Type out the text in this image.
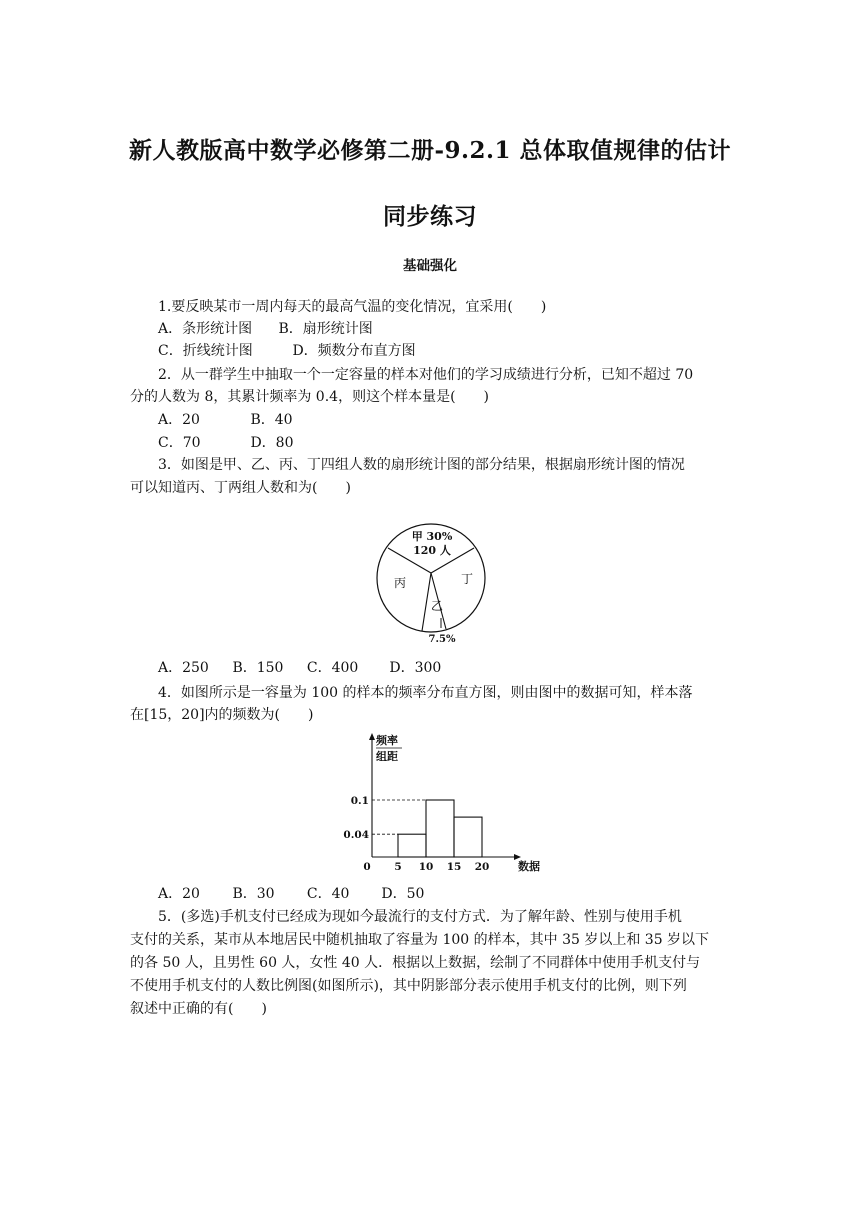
新人教版高中数学必修第二册-9.2.1 总体取值规律的估计
同步练习
基础强化
1.要反映某市一周内每天的最高气温的变化情况，宜采用(　　)
A．条形统计图 B．扇形统计图
C．折线统计图	D．频数分布直方图
2．从一群学生中抽取一个一定容量的样本对他们的学习成绩进行分析，已知不超过 70
分的人数为 8，其累计频率为 0.4，则这个样本量是(　　)
A．20	B．40
C．70	D．80
3．如图是甲、乙、丙、丁四组人数的扇形统计图的部分结果，根据扇形统计图的情况
可以知道丙、丁两组人数和为(　　)
甲 30%
120 人
丙	丁
乙
7.5%
A．250 B．150 C．400 D．300
4．如图所示是一容量为 100 的样本的频率分布直方图，则由图中的数据可知，样本落
在[15，20]内的频数为(　　)
频率
组距
数据
0.04
0.1
0 5 10 15 20
A．20 B．30 C．40 D．50
5．(多选)手机支付已经成为现如今最流行的支付方式．为了解年龄、性别与使用手机
支付的关系，某市从本地居民中随机抽取了容量为 100 的样本，其中 35 岁以上和 35 岁以下
的各 50 人，且男性 60 人，女性 40 人．根据以上数据，绘制了不同群体中使用手机支付与
不使用手机支付的人数比例图(如图所示)，其中阴影部分表示使用手机支付的比例，则下列
叙述中正确的有(　　)
